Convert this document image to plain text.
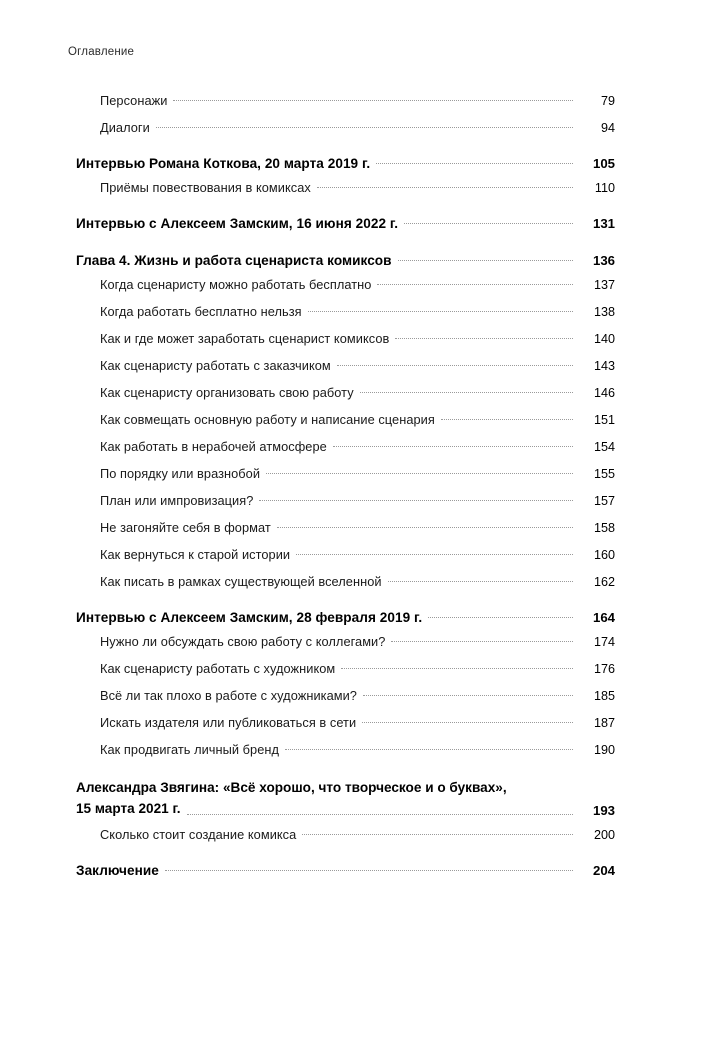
Оглавление
Персонажи	79
Диалоги	94
Интервью Романа Коткова, 20 марта 2019 г.	105
Приёмы повествования в комиксах	110
Интервью с Алексеем Замским, 16 июня 2022 г.	131
Глава 4. Жизнь и работа сценариста комиксов	136
Когда сценаристу можно работать бесплатно	137
Когда работать бесплатно нельзя	138
Как и где может заработать сценарист комиксов	140
Как сценаристу работать с заказчиком	143
Как сценаристу организовать свою работу	146
Как совмещать основную работу и написание сценария	151
Как работать в нерабочей атмосфере	154
По порядку или вразнобой	155
План или импровизация?	157
Не загоняйте себя в формат	158
Как вернуться к старой истории	160
Как писать в рамках существующей вселенной	162
Интервью с Алексеем Замским, 28 февраля 2019 г.	164
Нужно ли обсуждать свою работу с коллегами?	174
Как сценаристу работать с художником	176
Всё ли так плохо в работе с художниками?	185
Искать издателя или публиковаться в сети	187
Как продвигать личный бренд	190
Александра Звягина: «Всё хорошо, что творческое и о буквах»,
15 марта 2021 г.	193
Сколько стоит создание комикса	200
Заключение	204
